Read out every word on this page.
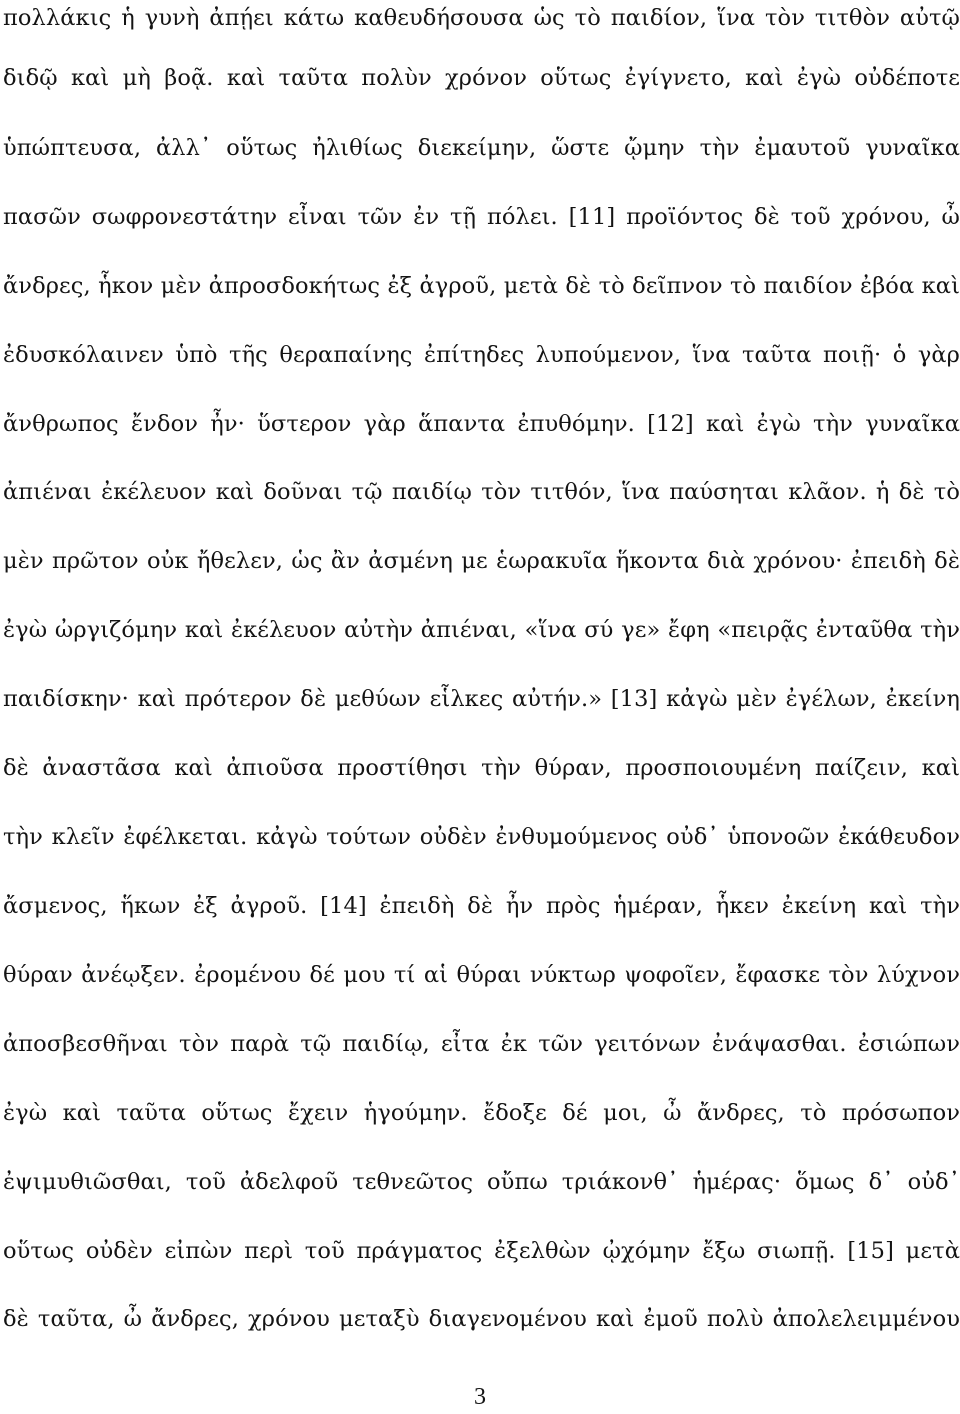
πολλάκις ἡ γυνὴ ἀπῄει κάτω καθευδήσουσα ὡς τὸ παιδίον, ἵνα τὸν τιτθὸν αὐτῷ
διδῷ καὶ μὴ βοᾷ. καὶ ταῦτα πολὺν χρόνον οὕτως ἐγίγνετο, καὶ ἐγὼ οὐδέποτε
ὑπώπτευσα, ἀλλ᾽ οὕτως ἠλιθίως διεκείμην, ὥστε ᾤμην τὴν ἐμαυτοῦ γυναῖκα
πασῶν σωφρονεστάτην εἶναι τῶν ἐν τῇ πόλει. [11] προϊόντος δὲ τοῦ χρόνου, ὦ
ἄνδρες, ἧκον μὲν ἀπροσδοκήτως ἐξ ἀγροῦ, μετὰ δὲ τὸ δεῖπνον τὸ παιδίον ἐβόα καὶ
ἐδυσκόλαινεν ὑπὸ τῆς θεραπαίνης ἐπίτηδες λυπούμενον, ἵνα ταῦτα ποιῇ· ὁ γὰρ
ἄνθρωπος ἔνδον ἦν· ὕστερον γὰρ ἅπαντα ἐπυθόμην. [12] καὶ ἐγὼ τὴν γυναῖκα
ἀπιέναι ἐκέλευον καὶ δοῦναι τῷ παιδίῳ τὸν τιτθόν, ἵνα παύσηται κλᾶον. ἡ δὲ τὸ
μὲν πρῶτον οὐκ ἤθελεν, ὡς ἂν ἀσμένη με ἑωρακυῖα ἥκοντα διὰ χρόνου· ἐπειδὴ δὲ
ἐγὼ ὠργιζόμην καὶ ἐκέλευον αὐτὴν ἀπιέναι, «ἵνα σύ γε» ἔφη «πειρᾷς ἐνταῦθα τὴν
παιδίσκην· καὶ πρότερον δὲ μεθύων εἷλκες αὐτήν.» [13] κἀγὼ μὲν ἐγέλων, ἐκείνη
δὲ ἀναστᾶσα καὶ ἀπιοῦσα προστίθησι τὴν θύραν, προσποιουμένη παίζειν, καὶ
τὴν κλεῖν ἐφέλκεται. κἀγὼ τούτων οὐδὲν ἐνθυμούμενος οὐδ᾽ ὑπονοῶν ἐκάθευδον
ἄσμενος, ἥκων ἐξ ἀγροῦ. [14] ἐπειδὴ δὲ ἦν πρὸς ἡμέραν, ἧκεν ἐκείνη καὶ τὴν
θύραν ἀνέῳξεν. ἐρομένου δέ μου τί αἱ θύραι νύκτωρ ψοφοῖεν, ἔφασκε τὸν λύχνον
ἀποσβεσθῆναι τὸν παρὰ τῷ παιδίῳ, εἶτα ἐκ τῶν γειτόνων ἐνάψασθαι. ἐσιώπων
ἐγὼ καὶ ταῦτα οὕτως ἔχειν ἡγούμην. ἔδοξε δέ μοι, ὦ ἄνδρες, τὸ πρόσωπον
ἐψιμυθιῶσθαι, τοῦ ἀδελφοῦ τεθνεῶτος οὔπω τριάκονθ᾽ ἡμέρας· ὅμως δ᾽ οὐδ᾽
οὕτως οὐδὲν εἰπὼν περὶ τοῦ πράγματος ἐξελθὼν ᾠχόμην ἔξω σιωπῇ. [15] μετὰ
δὲ ταῦτα, ὦ ἄνδρες, χρόνου μεταξὺ διαγενομένου καὶ ἐμοῦ πολὺ ἀπολελειμμένου
3
